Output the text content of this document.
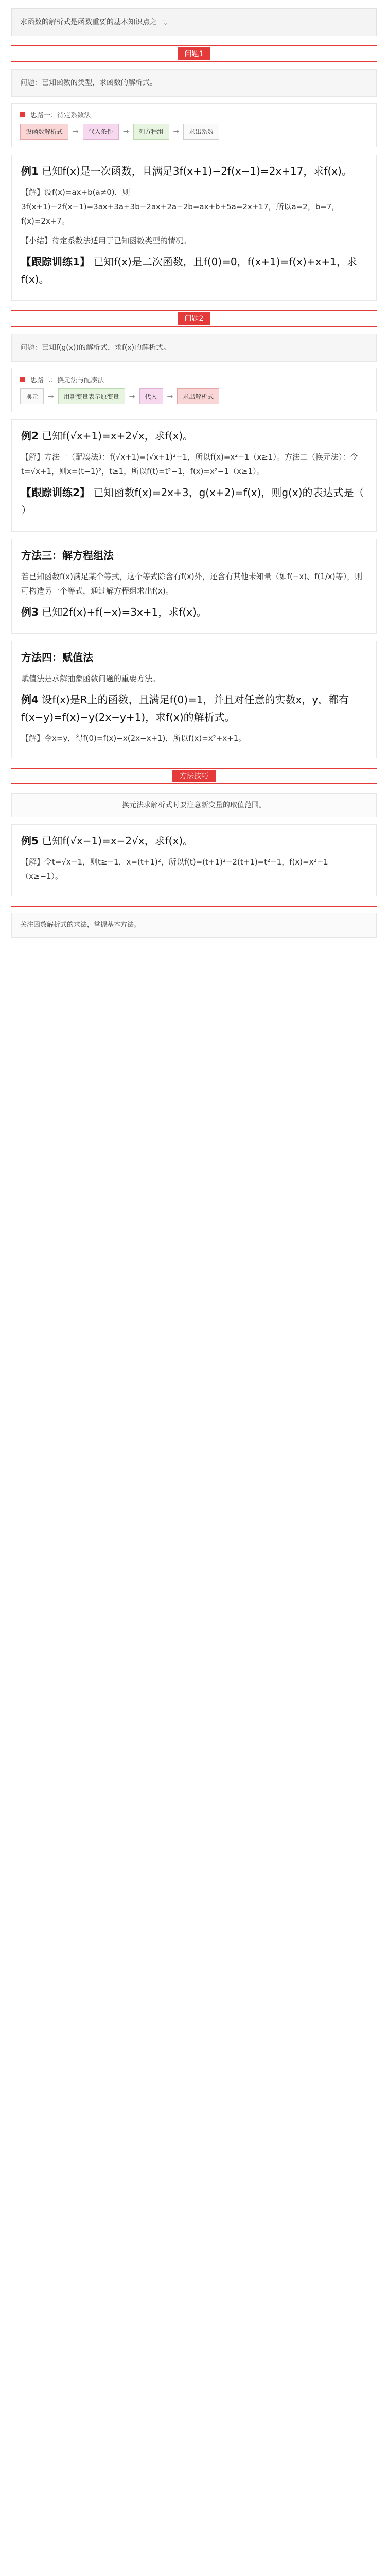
求函数的解析式是函数重要的基本知识点之一。
问题1
问题：已知函数的类型，求函数的解析式。
思路一：待定系数法
设函数解析式	→	代入条件	→	列方程组	→	求出系数

例1 已知f(x)是一次函数，且满足3f(x+1)−2f(x−1)=2x+17，求f(x)。

【解】设f(x)=ax+b(a≠0)，则3f(x+1)−2f(x−1)=3ax+3a+3b−2ax+2a−2b=ax+b+5a=2x+17，所以a=2，b=7，f(x)=2x+7。

【小结】待定系数法适用于已知函数类型的情况。

【跟踪训练1】 已知f(x)是二次函数，且f(0)=0，f(x+1)=f(x)+x+1，求f(x)。

问题2
问题：已知f(g(x))的解析式，求f(x)的解析式。
思路二：换元法与配凑法
换元	→	用新变量表示原变量	→	代入	→	求出解析式

例2 已知f(√x+1)=x+2√x，求f(x)。

【解】方法一（配凑法）：f(√x+1)=(√x+1)²−1，所以f(x)=x²−1（x≥1）。方法二（换元法）：令t=√x+1，则x=(t−1)²，t≥1，所以f(t)=t²−1，f(x)=x²−1（x≥1）。

【跟踪训练2】 已知函数f(x)=2x+3，g(x+2)=f(x)，则g(x)的表达式是（ ）

方法三：解方程组法

若已知函数f(x)满足某个等式，这个等式除含有f(x)外，还含有其他未知量（如f(−x)、f(1/x)等），则可构造另一个等式，通过解方程组求出f(x)。

例3 已知2f(x)+f(−x)=3x+1，求f(x)。

方法四：赋值法

赋值法是求解抽象函数问题的重要方法。

例4 设f(x)是R上的函数，且满足f(0)=1，并且对任意的实数x，y，都有f(x−y)=f(x)−y(2x−y+1)，求f(x)的解析式。

【解】令x=y，得f(0)=f(x)−x(2x−x+1)，所以f(x)=x²+x+1。

方法技巧
换元法求解析式时要注意新变量的取值范围。

例5 已知f(√x−1)=x−2√x，求f(x)。

【解】令t=√x−1，则t≥−1，x=(t+1)²，所以f(t)=(t+1)²−2(t+1)=t²−1，f(x)=x²−1（x≥−1）。

关注函数解析式的求法，掌握基本方法。
